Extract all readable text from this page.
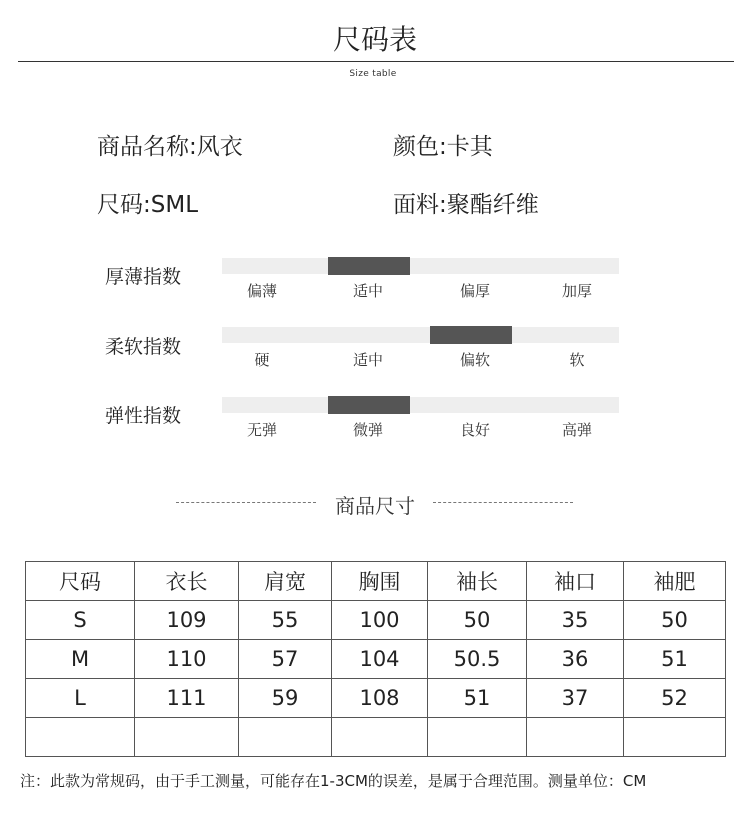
尺码表
Size table
商品名称:风衣	颜色:卡其
尺码:SML	面料:聚酯纤维
厚薄指数
偏薄	适中	偏厚	加厚
柔软指数
硬	适中	偏软	软
弹性指数
无弹	微弹	良好	高弹
商品尺寸
尺码	衣长	肩宽	胸围	袖长	袖口	袖肥
S	109	55	100	50	35	50
M	110	57	104	50.5	36	51
L	111	59	108	51	37	52

注：此款为常规码，由于手工测量，可能存在1-3CM的误差，是属于合理范围。测量单位：CM
